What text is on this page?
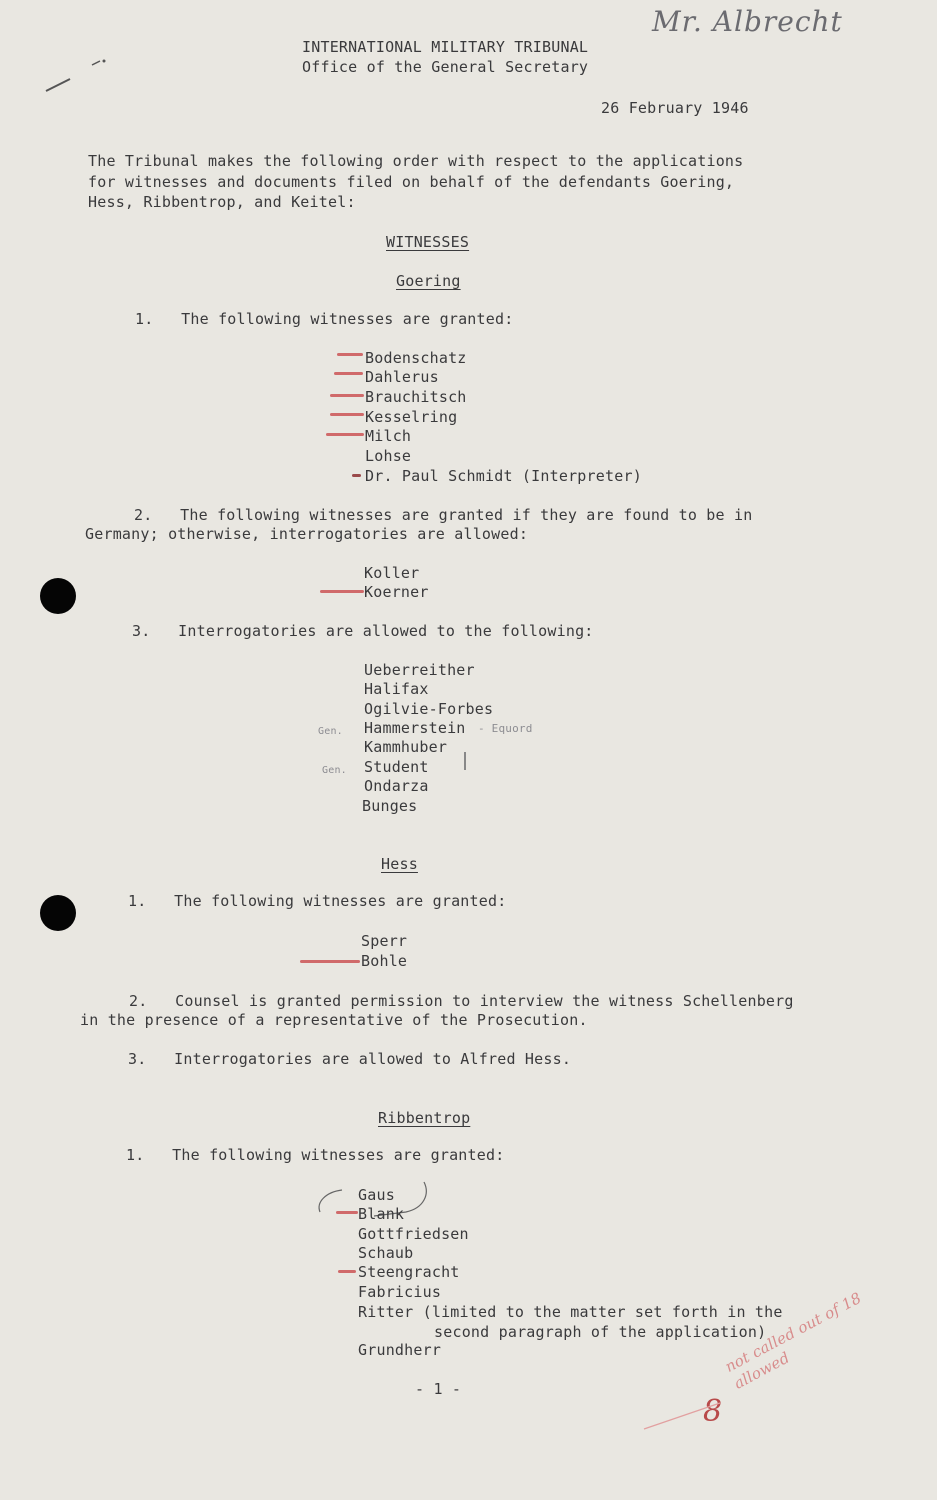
Mr. Albrecht
INTERNATIONAL MILITARY TRIBUNAL
Office of the General Secretary
26 February 1946
The Tribunal makes the following order with respect to the applications
for witnesses and documents filed on behalf of the defendants Goering,
Hess, Ribbentrop, and Keitel:
WITNESSES
Goering
1.   The following witnesses are granted:
Bodenschatz
Dahlerus
Brauchitsch
Kesselring
Milch
Lohse
Dr. Paul Schmidt (Interpreter)
2.   The following witnesses are granted if they are found to be in
Germany; otherwise, interrogatories are allowed:
Koller
Koerner
3.   Interrogatories are allowed to the following:
Ueberreither
Halifax
Ogilvie-Forbes
Gen. Hammerstein - Equord
Kammhuber
Gen. Student
Ondarza
Bunges
Hess
1.   The following witnesses are granted:
Sperr
Bohle
2.   Counsel is granted permission to interview the witness Schellenberg
in the presence of a representative of the Prosecution.
3.   Interrogatories are allowed to Alfred Hess.
Ribbentrop
1.   The following witnesses are granted:
Gaus
Blank
Gottfriedsen
Schaub
Steengracht
Fabricius
Ritter (limited to the matter set forth in the
second paragraph of the application)
Grundherr
- 1 -
8
not called out of 18 allowed
